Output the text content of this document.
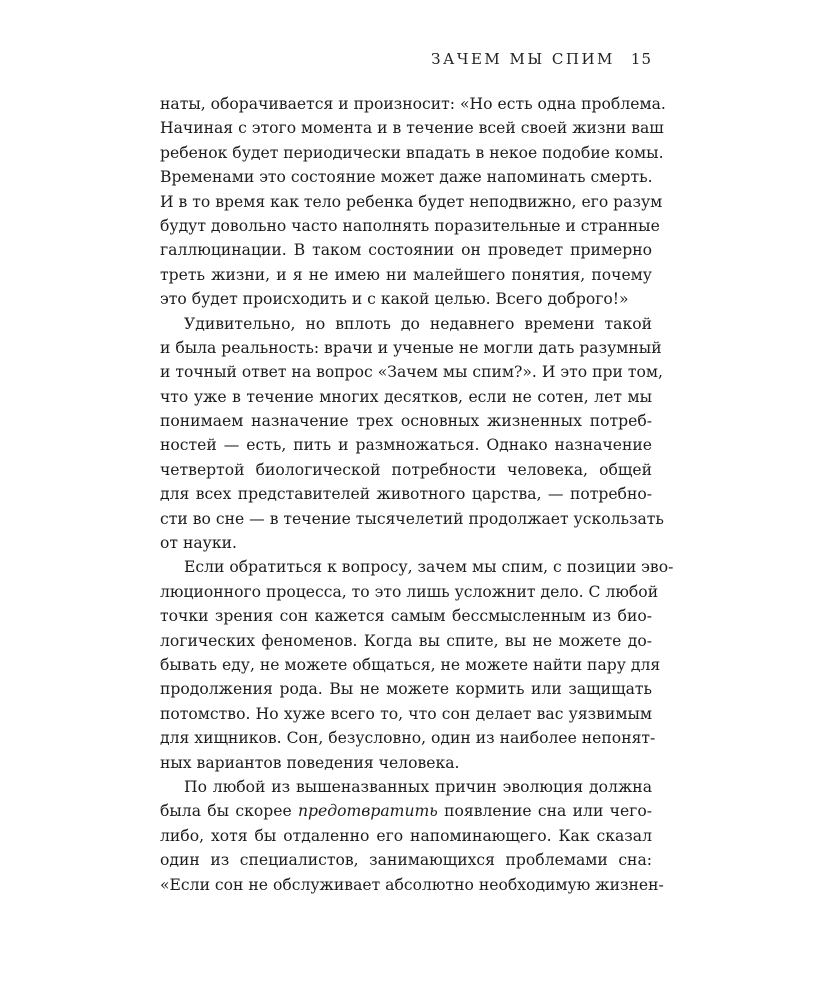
ЗАЧЕМ МЫ СПИМ 15
наты, оборачивается и произносит: «Но есть одна проблема.
Начиная с этого момента и в течение всей своей жизни ваш
ребенок будет периодически впадать в некое подобие комы.
Временами это состояние может даже напоминать смерть.
И в то время как тело ребенка будет неподвижно, его разум
будут довольно часто наполнять поразительные и странные
галлюцинации. В таком состоянии он проведет примерно
треть жизни, и я не имею ни малейшего понятия, почему
это будет происходить и с какой целью. Всего доброго!»
Удивительно, но вплоть до недавнего времени такой
и была реальность: врачи и ученые не могли дать разумный
и точный ответ на вопрос «Зачем мы спим?». И это при том,
что уже в течение многих десятков, если не сотен, лет мы
понимаем назначение трех основных жизненных потреб-
ностей — есть, пить и размножаться. Однако назначение
четвертой биологической потребности человека, общей
для всех представителей животного царства, — потребно-
сти во сне — в течение тысячелетий продолжает ускользать
от науки.
Если обратиться к вопросу, зачем мы спим, с позиции эво-
люционного процесса, то это лишь усложнит дело. С любой
точки зрения сон кажется самым бессмысленным из био-
логических феноменов. Когда вы спите, вы не можете до-
бывать еду, не можете общаться, не можете найти пару для
продолжения рода. Вы не можете кормить или защищать
потомство. Но хуже всего то, что сон делает вас уязвимым
для хищников. Сон, безусловно, один из наиболее непонят-
ных вариантов поведения человека.
По любой из вышеназванных причин эволюция должна
была бы скорее предотвратить появление сна или чего-
либо, хотя бы отдаленно его напоминающего. Как сказал
один из специалистов, занимающихся проблемами сна:
«Если сон не обслуживает абсолютно необходимую жизнен-
